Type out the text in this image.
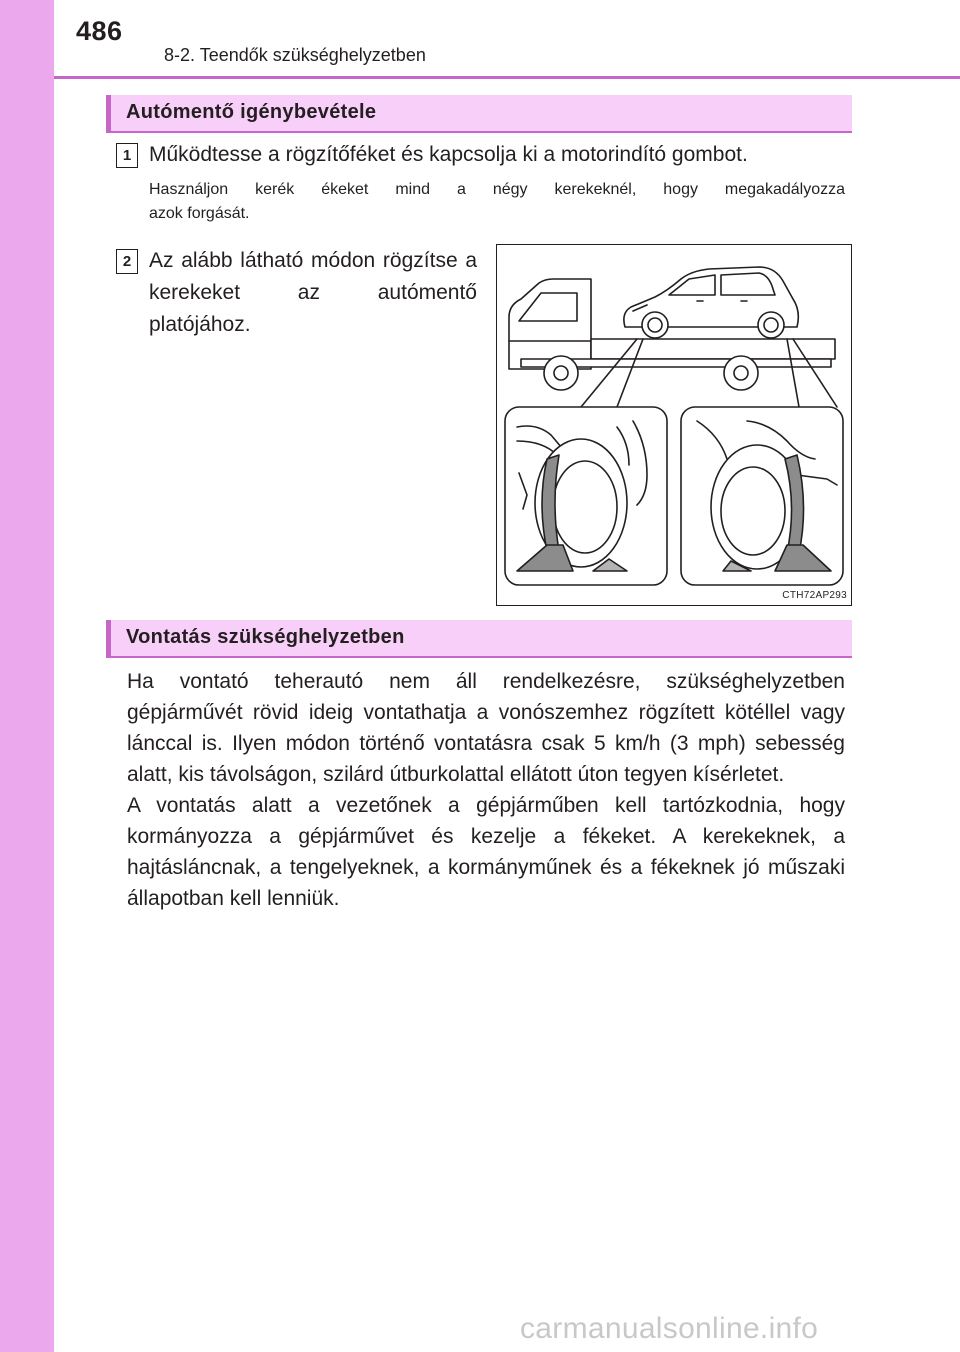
486
8-2. Teendők szükséghelyzetben
Autómentő igénybevétele
1 Működtesse a rögzítőféket és kapcsolja ki a motorindító gombot.
Használjon kerék ékeket mind a négy kerekeknél, hogy megakadályozza
azok forgását.
2 Az alább látható módon rögzítse a kerekeket az autómentő platójához.
CTH72AP293
Vontatás szükséghelyzetben

Ha vontató teherautó nem áll rendelkezésre, szükséghelyzetben gépjárművét rövid ideig vontathatja a vonószemhez rögzített kötéllel vagy lánccal is. Ilyen módon történő vontatásra csak 5 km/h (3 mph) sebesség alatt, kis távolságon, szilárd útburkolattal ellátott úton tegyen kísérletet.

A vontatás alatt a vezetőnek a gépjárműben kell tartózkodnia, hogy kormányozza a gépjárművet és kezelje a fékeket. A kerekeknek, a hajtásláncnak, a tengelyeknek, a kormányműnek és a fékeknek jó műszaki állapotban kell lenniük.

carmanualsonline.info
